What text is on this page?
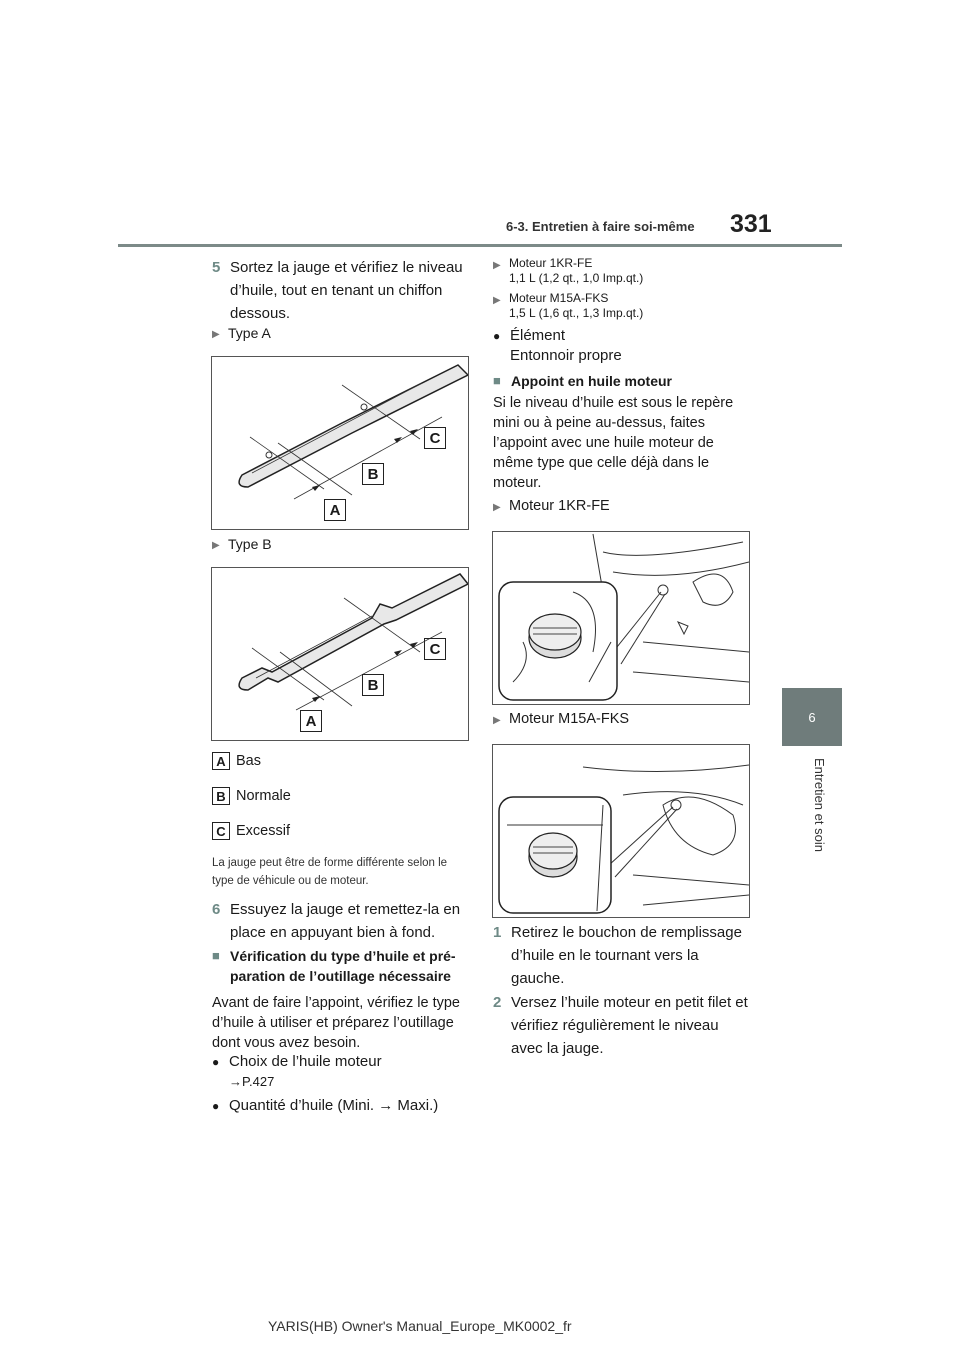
6-3. Entretien à faire soi-même 331
6
Entretien et soin
5 Sortez la jauge et vérifiez le niveau d’huile, tout en tenant un chiffon dessous.
▶ Type A
C
B
A
▶ Type B
C
B
A
A Bas
B Normale
C Excessif
La jauge peut être de forme différente selon le type de véhicule ou de moteur.
6 Essuyez la jauge et remettez-la en place en appuyant bien à fond.
■ Vérification du type d’huile et pré-paration de l’outillage nécessaire
Avant de faire l’appoint, vérifiez le type d’huile à utiliser et préparez l’outillage dont vous avez besoin.
● Choix de l’huile moteur
→P.427
● Quantité d’huile (Mini. → Maxi.)
▶ Moteur 1KR-FE
1,1 L (1,2 qt., 1,0 Imp.qt.)
▶ Moteur M15A-FKS
1,5 L (1,6 qt., 1,3 Imp.qt.)
● Élément
Entonnoir propre
■ Appoint en huile moteur
Si le niveau d’huile est sous le repère mini ou à peine au-dessus, faites l’appoint avec une huile moteur de même type que celle déjà dans le moteur.
▶ Moteur 1KR-FE
▶ Moteur M15A-FKS
1 Retirez le bouchon de remplissage d’huile en le tournant vers la gauche.
2 Versez l’huile moteur en petit filet et vérifiez régulièrement le niveau avec la jauge.
YARIS(HB) Owner's Manual_Europe_MK0002_fr
